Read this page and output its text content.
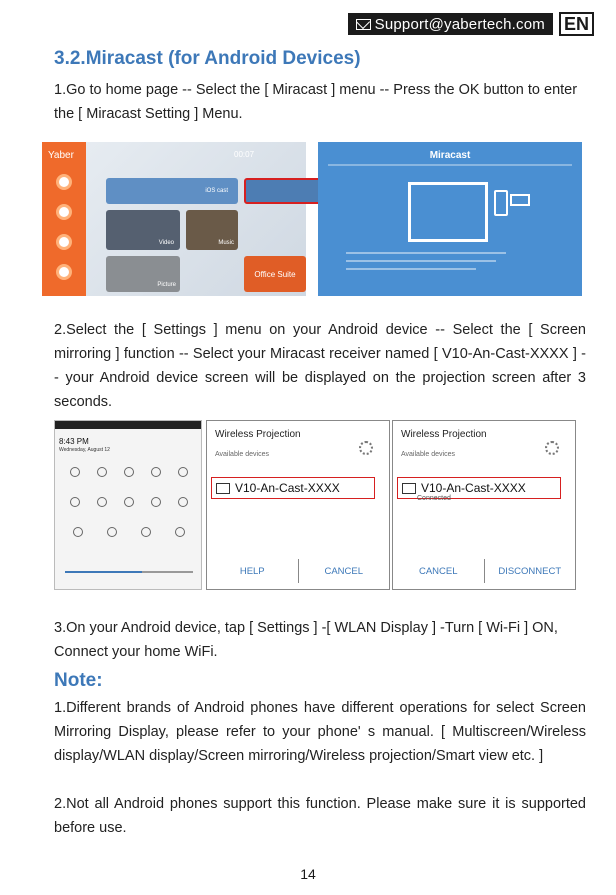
Support@yabertech.com EN
3.2.Miracast (for Android Devices)
1.Go to home page -- Select the [ Miracast ] menu -- Press the OK button to enter the [ Miracast Setting ] Menu.
Yaber	00:07
iOS cast
Video	Music
Picture
Office Suite
Miracast
2.Select the [ Settings ] menu on your Android device -- Select the [ Screen mirroring ] function -- Select your Miracast receiver named [ V10-An-Cast-XXXX ] -- your Android device screen will be displayed on the projection screen after 3 seconds.
8:43 PM
Wednesday, August 12
Wireless Projection
Available devices
V10-An-Cast-XXXX
HELP	CANCEL
Wireless Projection
Available devices
V10-An-Cast-XXXX
Connected
CANCEL	DISCONNECT
3.On your Android device, tap [ Settings ] -[ WLAN Display ] -Turn [ Wi-Fi ] ON, Connect your home WiFi.
Note:
1.Different brands of Android phones have different operations for select Screen Mirroring Display, please refer to your phone' s manual. [ Multiscreen/Wireless display/WLAN display/Screen mirroring/Wireless projection/Smart view etc. ]
2.Not all Android phones support this function. Please make sure it is supported before use.
14
